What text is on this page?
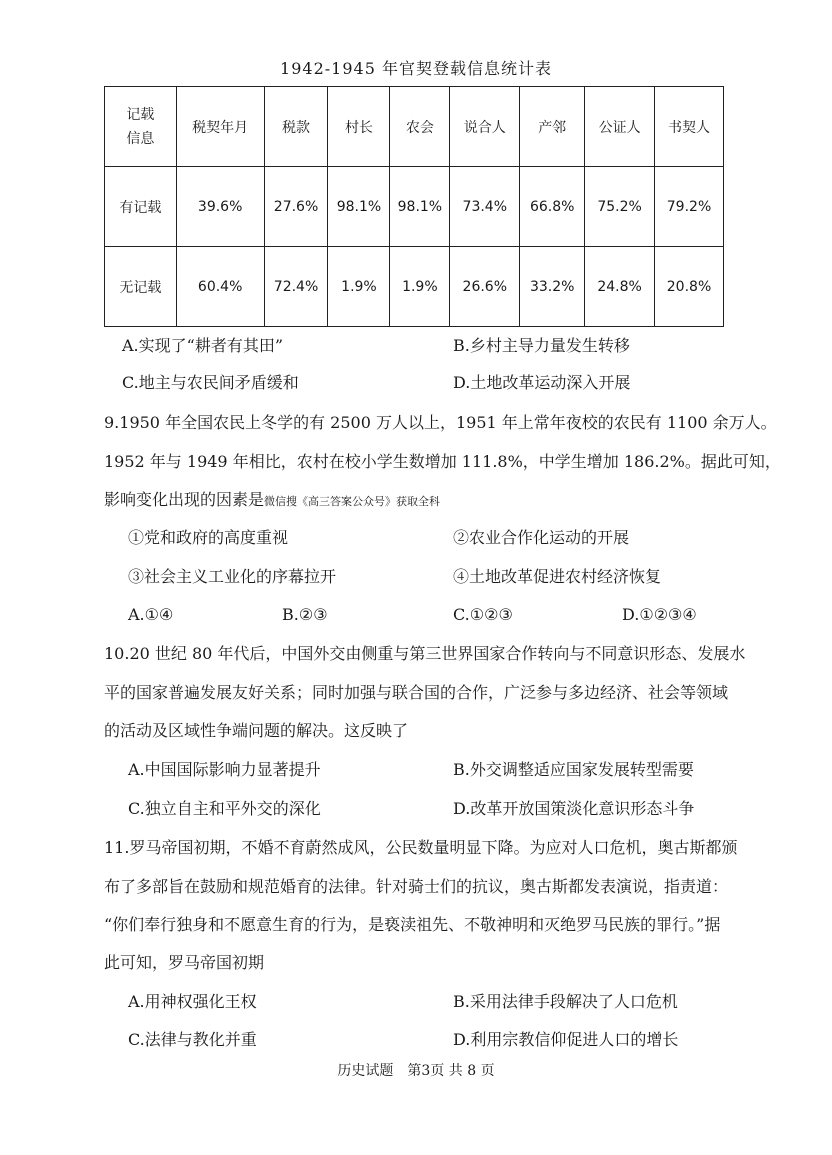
1942-1945 年官契登载信息统计表
记载
信息	税契年月	税款	村长	农会	说合人	产邻	公证人	书契人
有记载	39.6%	27.6%	98.1%	98.1%	73.4%	66.8%	75.2%	79.2%
无记载	60.4%	72.4%	1.9%	1.9%	26.6%	33.2%	24.8%	20.8%
A.实现了“耕者有其田”	B.乡村主导力量发生转移
C.地主与农民间矛盾缓和	D.土地改革运动深入开展
9.1950 年全国农民上冬学的有 2500 万人以上，1951 年上常年夜校的农民有 1100 余万人。
1952 年与 1949 年相比，农村在校小学生数增加 111.8%，中学生增加 186.2%。据此可知，
影响变化出现的因素是微信搜《高三答案公众号》获取全科
①党和政府的高度重视	②农业合作化运动的开展
③社会主义工业化的序幕拉开	④土地改革促进农村经济恢复
A.①④	B.②③	C.①②③	D.①②③④
10.20 世纪 80 年代后，中国外交由侧重与第三世界国家合作转向与不同意识形态、发展水
平的国家普遍发展友好关系；同时加强与联合国的合作，广泛参与多边经济、社会等领域
的活动及区域性争端问题的解决。这反映了
A.中国国际影响力显著提升	B.外交调整适应国家发展转型需要
C.独立自主和平外交的深化	D.改革开放国策淡化意识形态斗争
11.罗马帝国初期，不婚不育蔚然成风，公民数量明显下降。为应对人口危机，奥古斯都颁
布了多部旨在鼓励和规范婚育的法律。针对骑士们的抗议，奥古斯都发表演说，指责道：
“你们奉行独身和不愿意生育的行为，是亵渎祖先、不敬神明和灭绝罗马民族的罪行。”据
此可知，罗马帝国初期
A.用神权强化王权	B.采用法律手段解决了人口危机
C.法律与教化并重	D.利用宗教信仰促进人口的增长
历史试题　第3页 共 8 页
